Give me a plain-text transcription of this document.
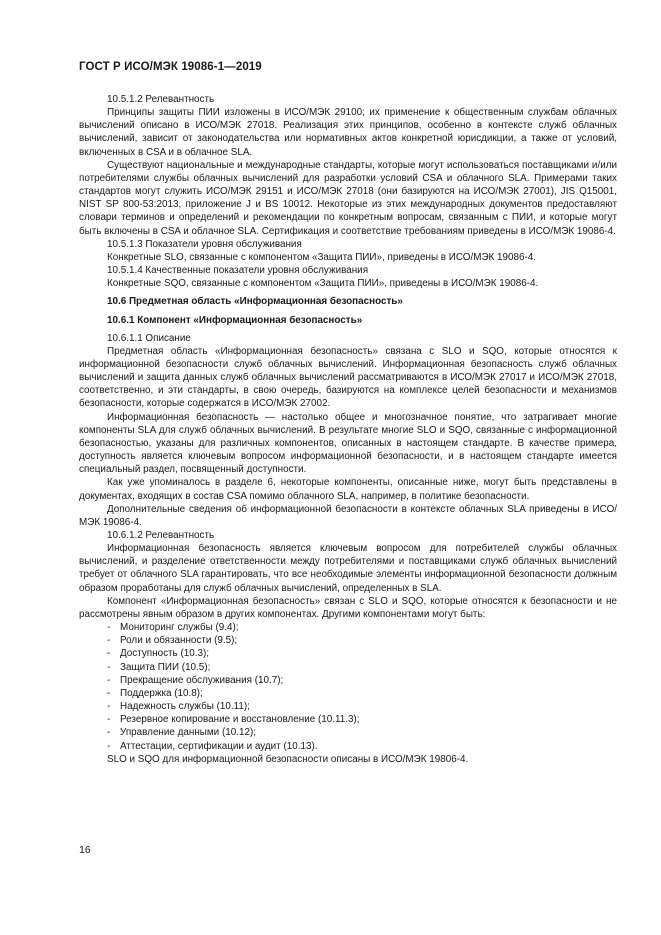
ГОСТ Р ИСО/МЭК 19086-1—2019

10.5.1.2 Релевантность

Принципы защиты ПИИ изложены в ИСО/МЭК 29100; их применение к общественным службам облачных вычислений описано в ИСО/МЭК 27018. Реализация этих принципов, особенно в контексте служб облачных вычислений, зависит от законодательства или нормативных актов конкретной юрисдикции, а также от условий, включенных в CSA и в облачное SLA.

Существуют национальные и международные стандарты, которые могут использоваться поставщиками и/или потребителями службы облачных вычислений для разработки условий CSA и облачного SLA. Примерами таких стандартов могут служить ИСО/МЭК 29151 и ИСО/МЭК 27018 (они базируются на ИСО/МЭК 27001), JIS Q15001, NIST SP 800-53:2013, приложение J и BS 10012. Некоторые из этих международных документов предоставляют словари терминов и определений и рекомендации по конкретным вопросам, связанным с ПИИ, и которые могут быть включены в CSA и облачное SLA. Сертификация и соответствие требованиям приведены в ИСО/МЭК 19086-4.

10.5.1.3 Показатели уровня обслуживания

Конкретные SLO, связанные с компонентом «Защита ПИИ», приведены в ИСО/МЭК 19086-4.

10.5.1.4 Качественные показатели уровня обслуживания

Конкретные SQO, связанные с компонентом «Защита ПИИ», приведены в ИСО/МЭК 19086-4.

10.6 Предметная область «Информационная безопасность»

10.6.1 Компонент «Информационная безопасность»

10.6.1.1 Описание

Предметная область «Информационная безопасность» связана с SLO и SQO, которые относятся к информационной безопасности служб облачных вычислений. Информационная безопасность служб облачных вычислений и защита данных служб облачных вычислений рассматриваются в ИСО/МЭК 27017 и ИСО/МЭК 27018, соответственно, и эти стандарты, в свою очередь, базируются на комплексе целей безопасности и механизмов безопасности, которые содержатся в ИСО/МЭК 27002.

Информационная безопасность — настолько общее и многозначное понятие, что затрагивает многие компоненты SLA для служб облачных вычислений. В результате многие SLO и SQO, связанные с информационной безопасностью, указаны для различных компонентов, описанных в настоящем стандарте. В качестве примера, доступность является ключевым вопросом информационной безопасности, и в настоящем стандарте имеется специальный раздел, посвященный доступности.

Как уже упоминалось в разделе 6, некоторые компоненты, описанные ниже, могут быть представлены в документах, входящих в состав CSA помимо облачного SLA, например, в политике безопасности.

Дополнительные сведения об информационной безопасности в контексте облачных SLA приведены в ИСО/МЭК 19086-4.

10.6.1.2 Релевантность

Информационная безопасность является ключевым вопросом для потребителей службы облачных вычислений, и разделение ответственности между потребителями и поставщиками служб облачных вычислений требует от облачного SLA гарантировать, что все необходимые элементы информационной безопасности должным образом проработаны для служб облачных вычислений, определенных в SLA.

Компонент «Информационная безопасность» связан с SLO и SQO, которые относятся к безопасности и не рассмотрены явным образом в других компонентах. Другими компонентами могут быть:

- Мониторинг службы (9.4);

- Роли и обязанности (9.5);

- Доступность (10.3);

- Защита ПИИ (10.5);

- Прекращение обслуживания (10.7);

- Поддержка (10.8);

- Надежность службы (10.11);

- Резервное копирование и восстановление (10.11.3);

- Управление данными (10.12);

- Аттестации, сертификации и аудит (10.13).

SLO и SQO для информационной безопасности описаны в ИСО/МЭК 19806-4.

16
